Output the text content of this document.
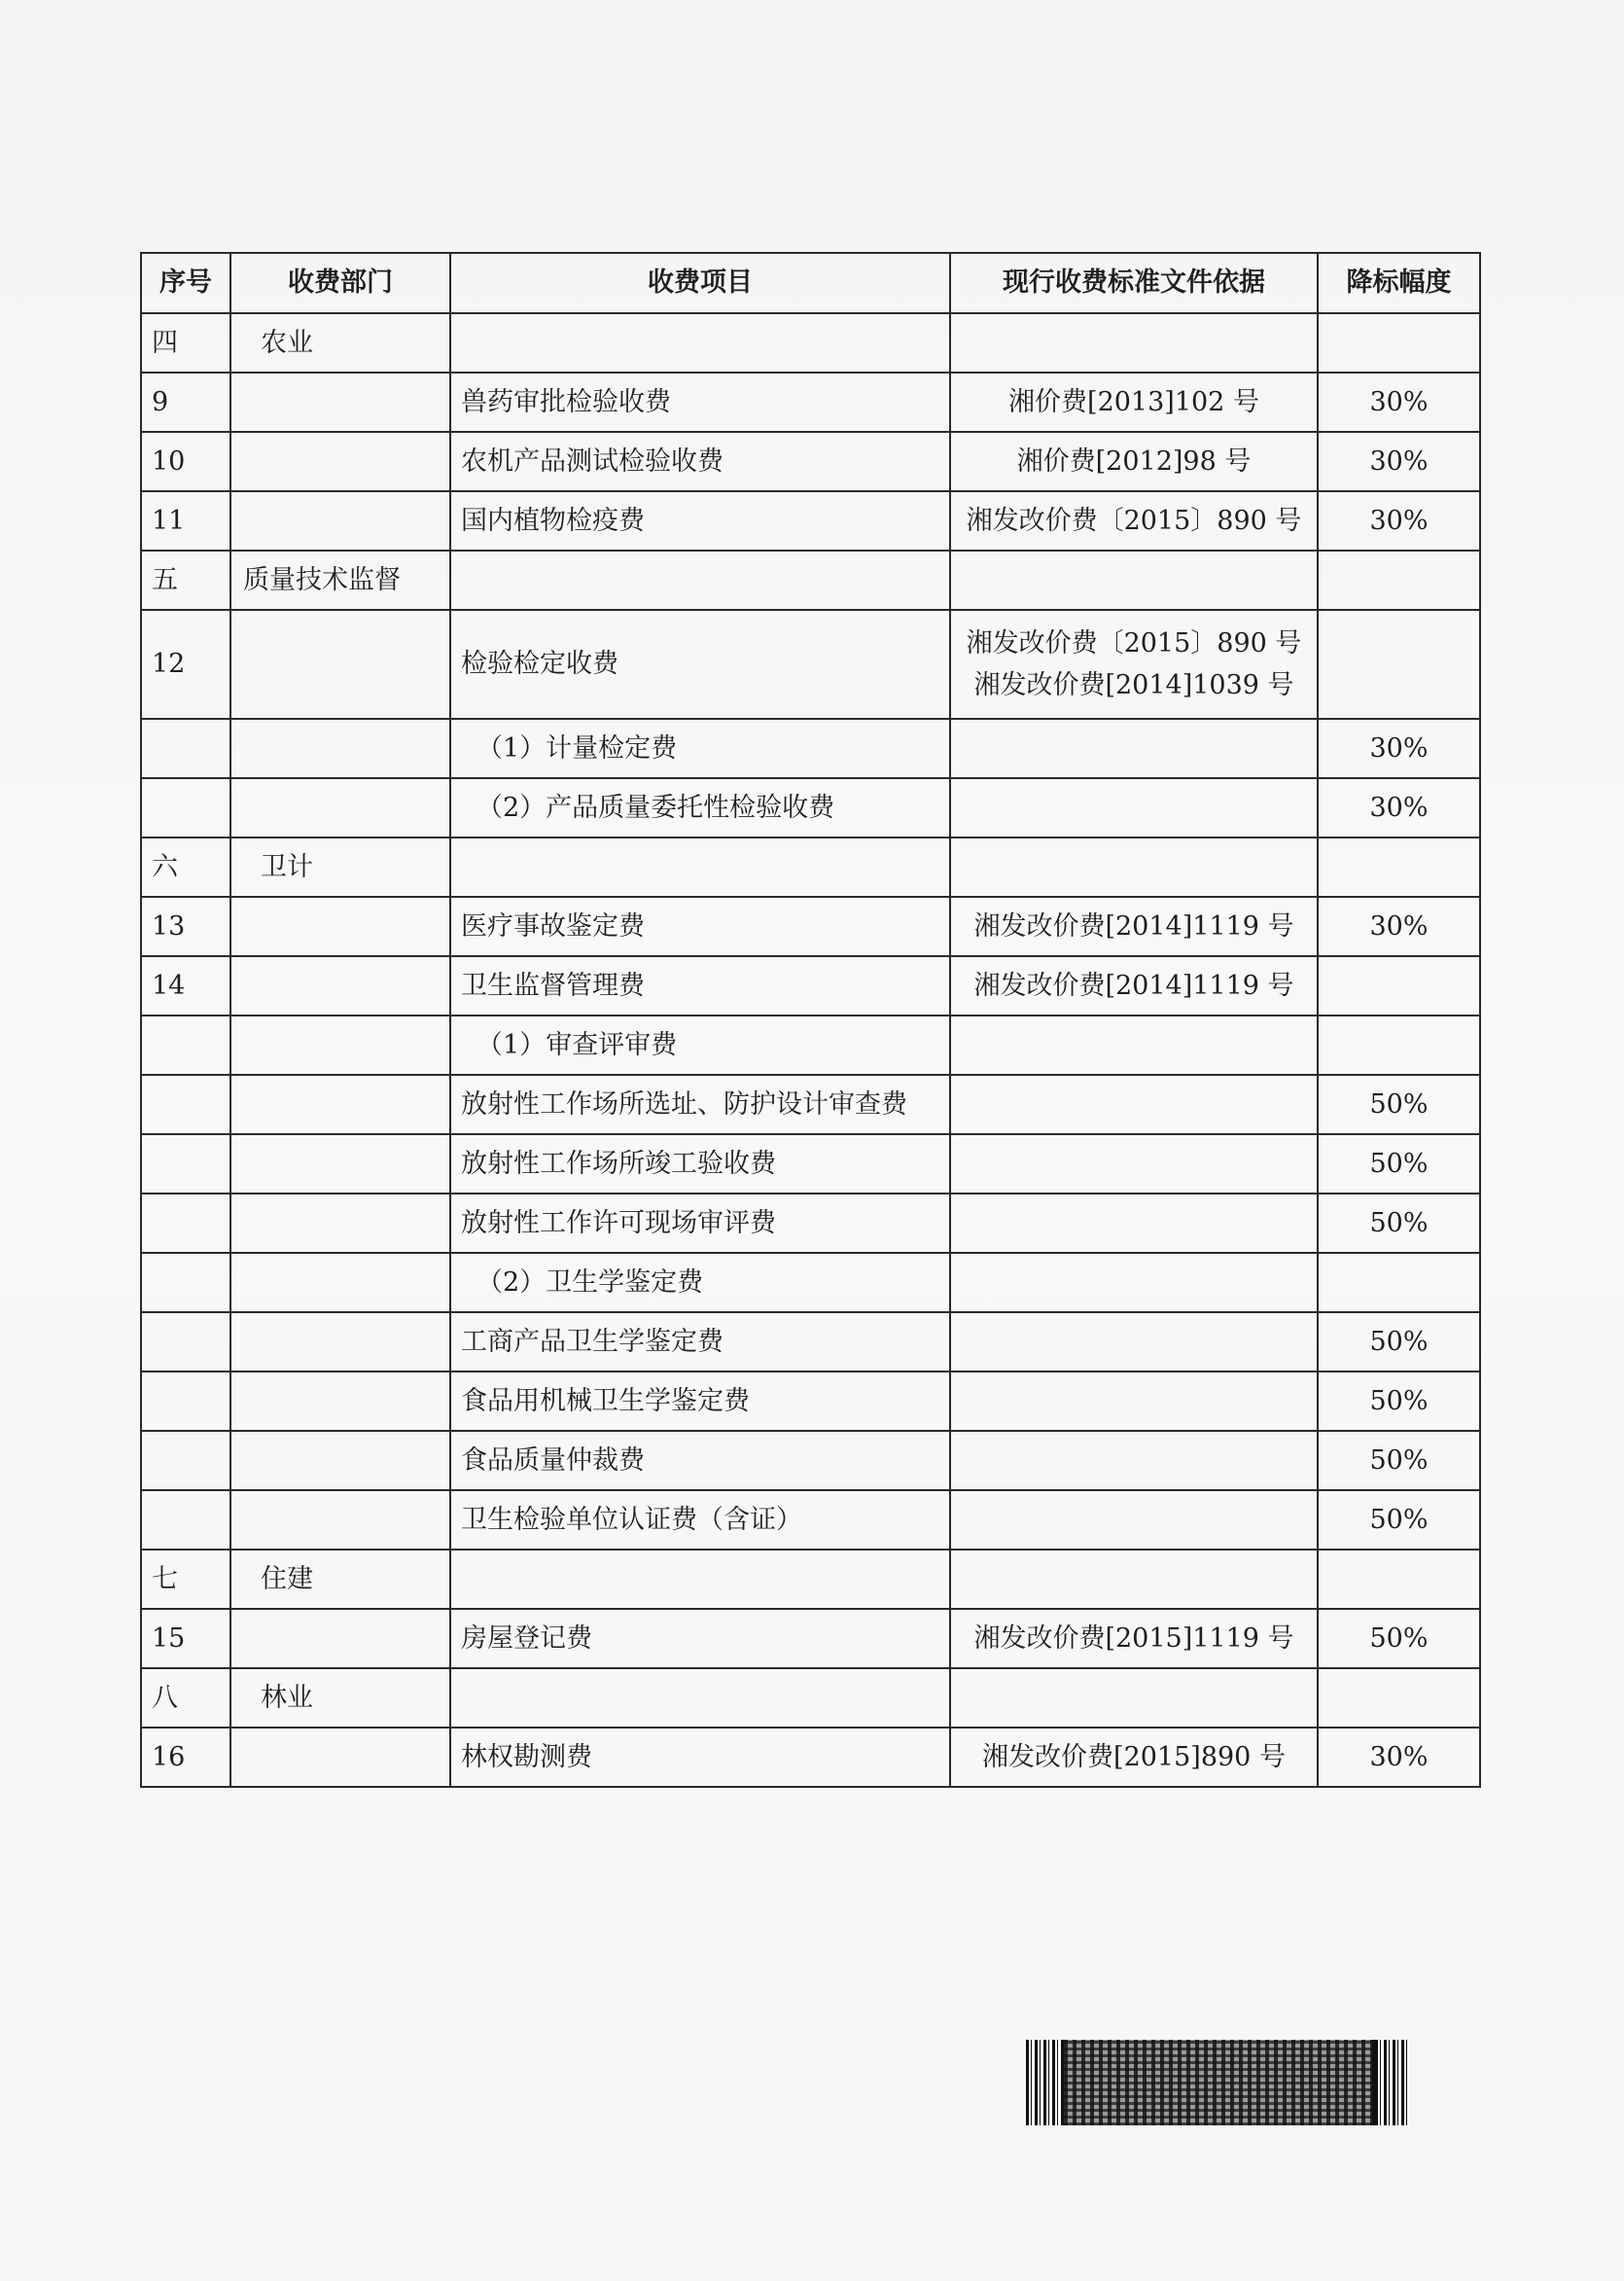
序号	收费部门	收费项目	现行收费标准文件依据	降标幅度
四	农业			
9		兽药审批检验收费	湘价费[2013]102 号	30%
10		农机产品测试检验收费	湘价费[2012]98 号	30%
11		国内植物检疫费	湘发改价费〔2015〕890 号	30%
五	质量技术监督			
12		检验检定收费	湘发改价费〔2015〕890 号
湘发改价费[2014]1039 号	

		（1）计量检定费		30%
		（2）产品质量委托性检验收费		30%
六	卫计			
13		医疗事故鉴定费	湘发改价费[2014]1119 号	30%
14		卫生监督管理费	湘发改价费[2014]1119 号	

		（1）审查评审费		
		放射性工作场所选址、防护设计审查费		50%
		放射性工作场所竣工验收费		50%
		放射性工作许可现场审评费		50%
		（2）卫生学鉴定费		
		工商产品卫生学鉴定费		50%
		食品用机械卫生学鉴定费		50%
		食品质量仲裁费		50%
		卫生检验单位认证费（含证）		50%
七	住建			
15		房屋登记费	湘发改价费[2015]1119 号	50%
八	林业			
16		林权勘测费	湘发改价费[2015]890 号	30%
